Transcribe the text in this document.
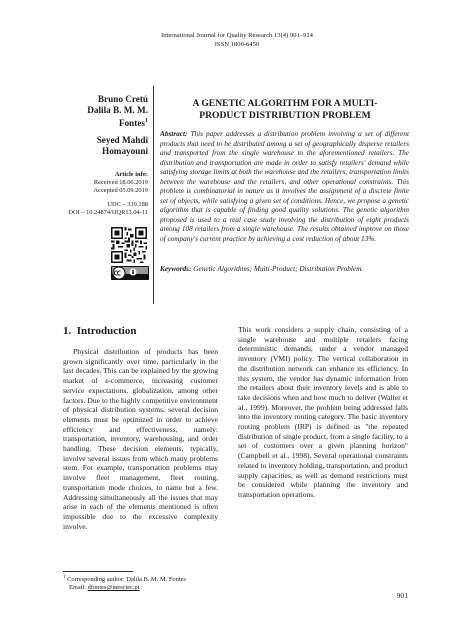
International Journal for Quality Research 13(4) 901–914
ISSN 1800-6450
Bruno Cretú
Dalila B. M. M.
Fontes$^1$
Seyed Mahdi
Homayouni
Article info:
Received 18.06.2019
Accepted 05.09.2019
UDC – 339.188
DOI – 10.24874/IJQR13.04-11
A GENETIC ALGORITHM FOR A MULTI-
PRODUCT DISTRIBUTION PROBLEM
Abstract: This paper addresses a distribution problem involving a set of different products that need to be distributed among a set of geographically disperse retailers and transported from the single warehouse to the aforementioned retailers. The distribution and transportation are made in order to satisfy retailers' demand while satisfying storage limits at both the warehouse and the retailers, transportation limits between the warehouse and the retailers, and other operational constraints. This problem is combinatorial in nature as it involves the assignment of a discrete finite set of objects, while satisfying a given set of conditions. Hence, we propose a genetic algorithm that is capable of finding good quality solutions. The genetic algorithm proposed is used to a real case study involving the distribution of eight products among 108 retailers from a single warehouse. The results obtained improve on those of company's current practice by achieving a cost reduction of about 13%.
Keywords: Genetic Algorithms; Multi-Product; Distribution Problem.
1.  Introduction
Physical distribution of products has been grown significantly over time, particularly in the last decades. This can be explained by the growing market of e-commerce, increasing customer service expectations, globalization, among other factors. Due to the highly competitive environment of physical distribution systems, several decision elements must be optimized in order to achieve efficiency and effectiveness, namely: transportation, inventory, warehousing, and order handling. These decision elements, typically, involve several issues from which many problems stem. For example, transportation problems may involve fleet management, fleet routing, transportation mode choices, to name but a few. Addressing simultaneously all the issues that may arise in each of the elements mentioned is often impossible due to the excessive complexity involve.
This work considers a supply chain, consisting of a single warehouse and multiple retailers facing deterministic demands, under a vendor managed inventory (VMI) policy. The vertical collaboration in the distribution network can enhance its efficiency. In this system, the vendor has dynamic information from the retailers about their inventory levels and is able to take decisions when and how much to deliver (Waller et al., 1999). Moreover, the problem being addressed falls into the inventory routing category. The basic inventory routing problem (IRP) is defined as "the repeated distribution of single product, from a single facility, to a set of customers over a given planning horizon" (Campbell et al., 1998). Several operational constraints related to inventory holding, transportation, and product supply capacities, as well as demand restrictions must be considered while planning the inventory and transportation operations.
$^1$ Corresponding author: Dalila B. M. M. Fontes
Email: dfontes@inesctec.pt
901
